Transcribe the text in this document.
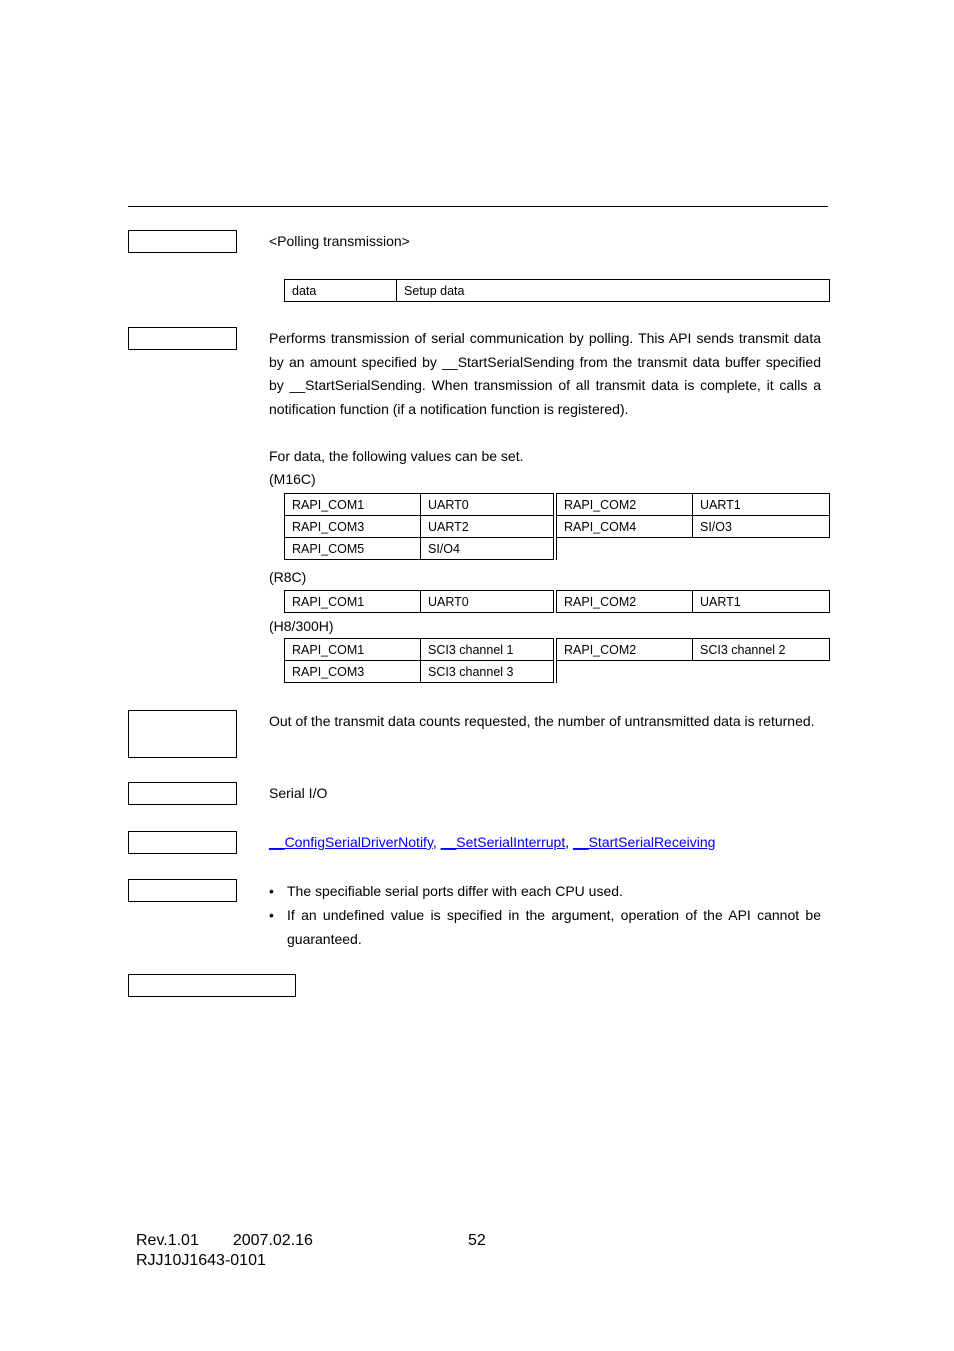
<Polling transmission>
data	Setup data
Performs transmission of serial communication by polling. This API sends transmit data by an amount specified by __StartSerialSending from the transmit data buffer specified by __StartSerialSending. When transmission of all transmit data is complete, it calls a notification function (if a notification function is registered).
For data, the following values can be set.
(M16C)
RAPI_COM1	UART0		RAPI_COM2	UART1
RAPI_COM3	UART2		RAPI_COM4	SI/O3
RAPI_COM5	SI/O4			
(R8C)
RAPI_COM1	UART0		RAPI_COM2	UART1
(H8/300H)
RAPI_COM1	SCI3 channel 1		RAPI_COM2	SCI3 channel 2
RAPI_COM3	SCI3 channel 3			
Out of the transmit data counts requested, the number of untransmitted data is returned.
Serial I/O
__ConfigSerialDriverNotify, __SetSerialInterrupt, __StartSerialReceiving
• The specifiable serial ports differ with each CPU used.
• If an undefined value is specified in the argument, operation of the API cannot be guaranteed.
Rev.1.01 2007.02.16
RJJ10J1643-0101
52
